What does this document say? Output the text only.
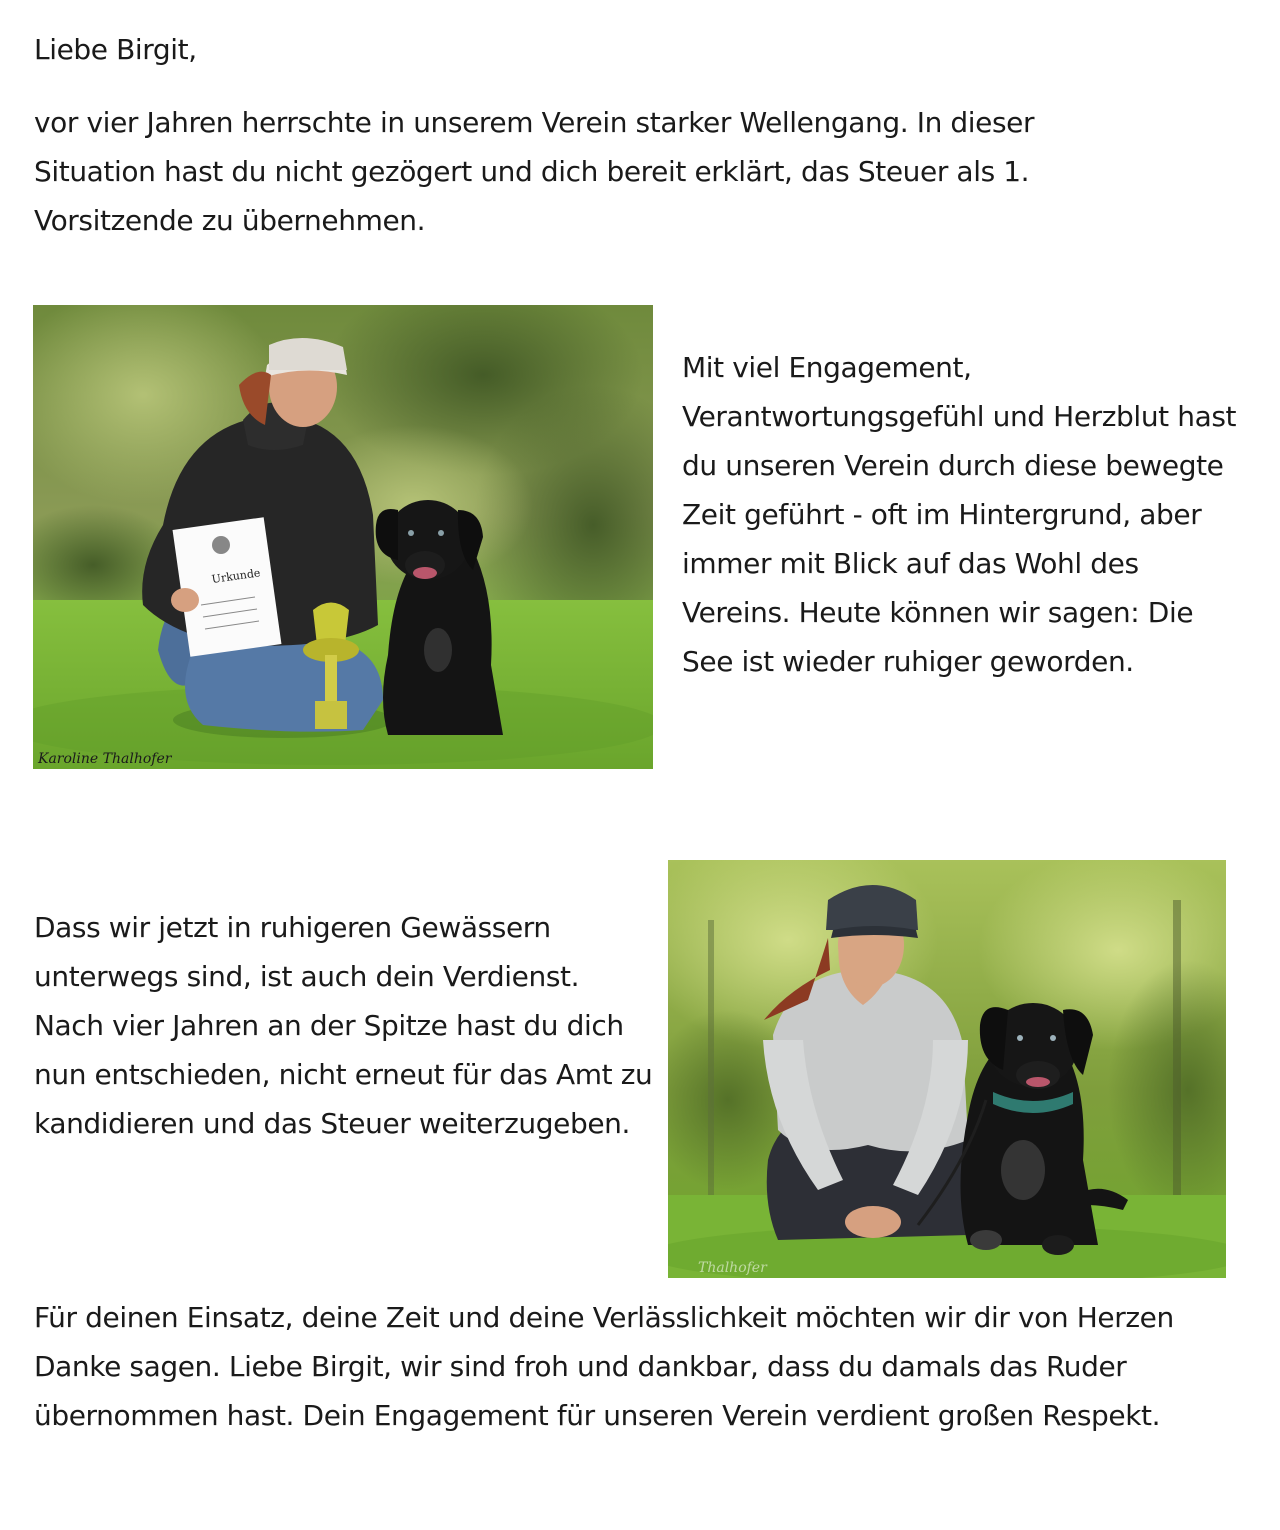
Liebe Birgit,

vor vier Jahren herrschte in unserem Verein starker Wellengang. In dieser Situation hast du nicht gezögert und dich bereit erklärt, das Steuer als 1. Vorsitzende zu übernehmen.

Urkunde
Karoline Thalhofer

Mit viel Engagement, Verantwortungsgefühl und Herzblut hast du unseren Verein durch diese bewegte Zeit geführt - oft im Hintergrund, aber immer mit Blick auf das Wohl des Vereins. Heute können wir sagen: Die See ist wieder ruhiger geworden.

Dass wir jetzt in ruhigeren Gewässern unterwegs sind, ist auch dein Verdienst. Nach vier Jahren an der Spitze hast du dich nun entschieden, nicht erneut für das Amt zu kandidieren und das Steuer weiterzugeben.

Thalhofer

Für deinen Einsatz, deine Zeit und deine Verlässlichkeit möchten wir dir von Herzen Danke sagen. Liebe Birgit, wir sind froh und dankbar, dass du damals das Ruder übernommen hast. Dein Engagement für unseren Verein verdient großen Respekt.
